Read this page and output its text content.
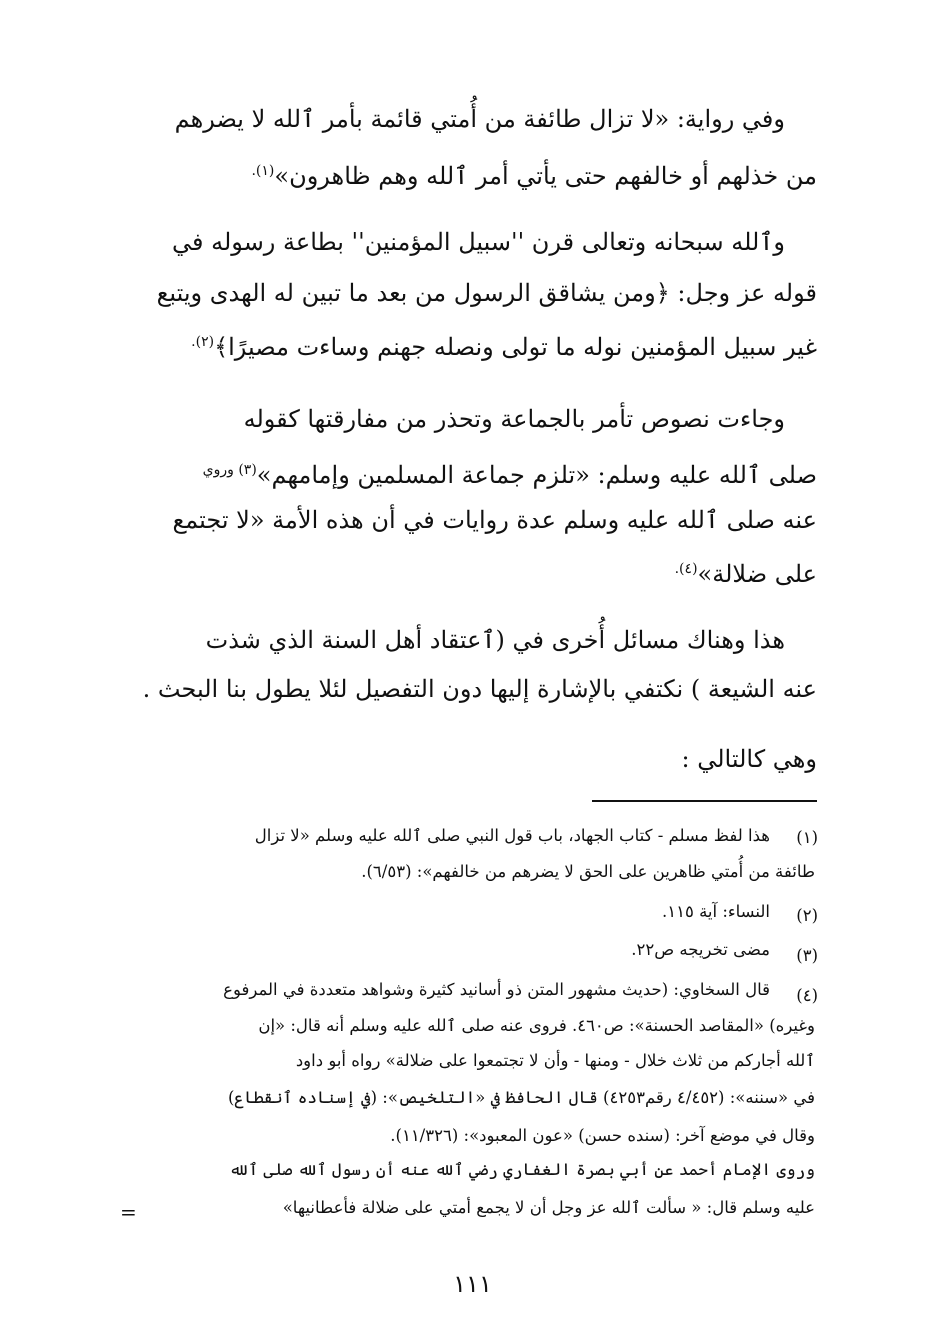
وفي رواية: «لا تزال طائفة من أُمتي قائمة بأمر ٱلله لا يضرهم
من خذلهم أو خالفهم حتى يأتي أمر ٱلله وهم ظاهرون»$^{(١).}$
وٱلله سبحانه وتعالى قرن ''سبيل المؤمنين'' بطاعة رسوله في
قوله عز وجل: ﴿ومن يشاقق الرسول من بعد ما تبين له الهدى ويتبع
غير سبيل المؤمنين نوله ما تولى ونصله جهنم وساءت مصيرًا﴾$^{(٢).}$
وجاءت نصوص تأمر بالجماعة وتحذر من مفارقتها كقوله
صلى ٱلله عليه وسلم: «تلزم جماعة المسلمين وإمامهم»$^{(٣) وروي}$
عنه صلى ٱلله عليه وسلم عدة روايات في أن هذه الأمة «لا تجتمع
على ضلالة»$^{(٤).}$
هذا وهناك مسائل أُخرى في (ٱعتقاد أهل السنة الذي شذت
عنه الشيعة ) نكتفي بالإشارة إليها دون التفصيل لئلا يطول بنا البحث .
وهي كالتالي :
(١)
هذا لفظ مسلم - كتاب الجهاد، باب قول النبي صلى ٱلله عليه وسلم «لا تزال
طائفة من أُمتي ظاهرين على الحق لا يضرهم من خالفهم»: (٦/٥٣).
(٢)
النساء: آية ١١٥.
(٣)
مضى تخريجه ص٢٢.
(٤)
قال السخاوي: (حديث مشهور المتن ذو أسانيد كثيرة وشواهد متعددة في المرفوع
وغيره) «المقاصد الحسنة»: ص٤٦٠. فروى عنه صلى ٱلله عليه وسلم أنه قال: «إن
ٱلله أجاركم من ثلاث خلال - ومنها - وأن لا تجتمعوا على ضلالة» رواه أبو داود
في «سننه»: (٤/٤٥٢ رقم٤٢٥٣) قال الحافظ في «التلخيص»: (في إسناده ٱنقطاع)
وقال في موضع آخر: (سنده حسن) «عون المعبود»: (١١/٣٢٦).
وروى الإمام أحمد عن أبي بصرة الغفاري رضي ٱلله عنه أن رسول ٱلله صلى ٱلله
عليه وسلم قال: « سألت ٱلله عز وجل أن لا يجمع أمتي على ضلالة فأعطانيها»
=
١١١
